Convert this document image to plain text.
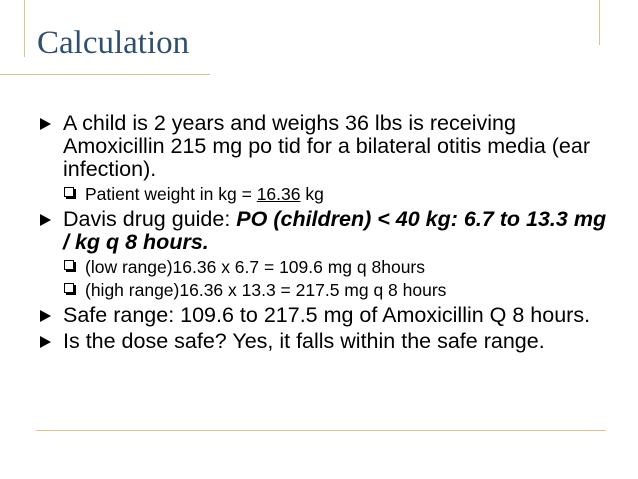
Calculation
A child is 2 years and weighs 36 lbs is receiving Amoxicillin 215 mg po tid for a bilateral otitis media (ear infection).
Patient weight in kg = 16.36 kg
Davis drug guide: PO (children) < 40 kg: 6.7 to 13.3 mg / kg q 8 hours.
(low range)16.36 x 6.7 = 109.6 mg q 8hours
(high range)16.36 x 13.3 = 217.5 mg q 8 hours
Safe range: 109.6 to 217.5 mg of Amoxicillin Q 8 hours.
Is the dose safe? Yes, it falls within the safe range.
